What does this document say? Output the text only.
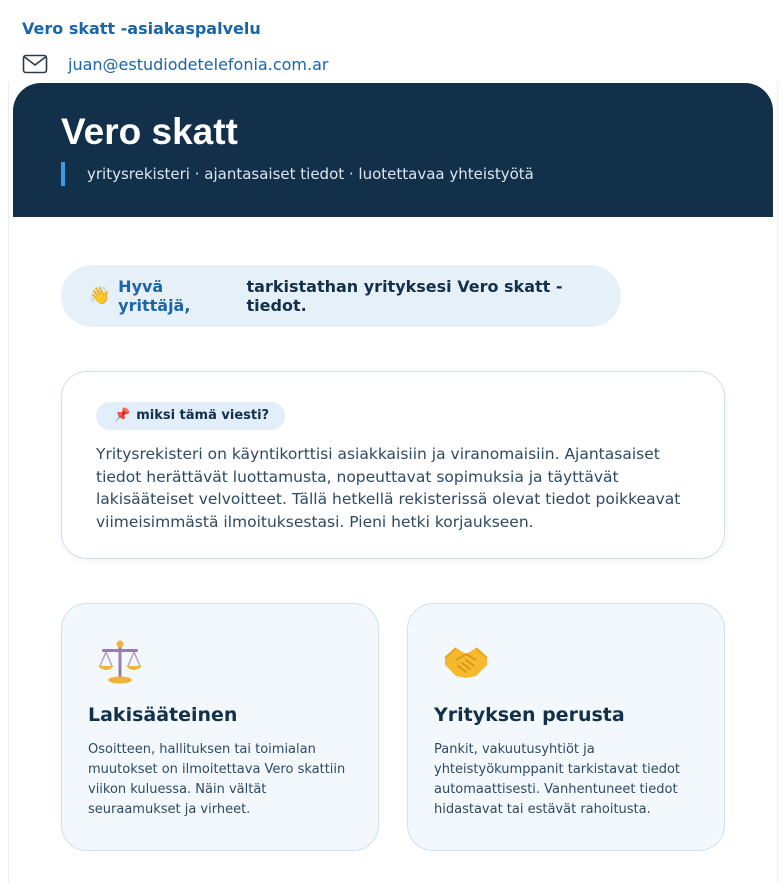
Vero skatt -asiakaspalvelu
juan@estudiodetelefonia.com.ar
Vero skatt
yritysrekisteri · ajantasaiset tiedot · luotettavaa yhteistyötä
👋 Hyvä yrittäjä,
tarkistathan yrityksesi Vero skatt -tiedot.
📌 miksi tämä viesti?
Yritysrekisteri on käyntikorttisi asiakkaisiin ja viranomaisiin. Ajantasaiset tiedot herättävät luottamusta, nopeuttavat sopimuksia ja täyttävät lakisääteiset velvoitteet. Tällä hetkellä rekisterissä olevat tiedot poikkeavat viimeisimmästä ilmoituksestasi. Pieni hetki korjaukseen.
Lakisääteinen
Osoitteen, hallituksen tai toimialan muutokset on ilmoitettava Vero skattiin viikon kuluessa. Näin vältät seuraamukset ja virheet.
Yrityksen perusta
Pankit, vakuutusyhtiöt ja yhteistyökumppanit tarkistavat tiedot automaattisesti. Vanhentuneet tiedot hidastavat tai estävät rahoitusta.
